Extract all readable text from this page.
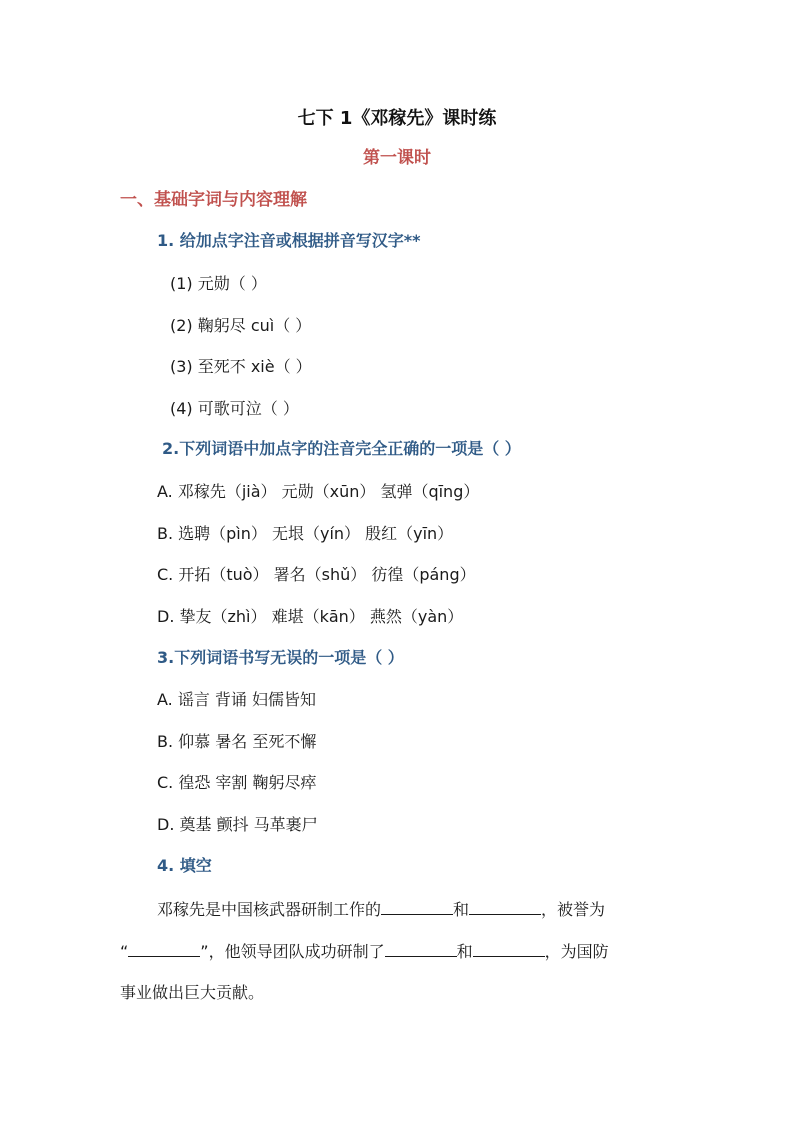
七下 1《邓稼先》课时练
第一课时
一、基础字词与内容理解
1. 给加点字注音或根据拼音写汉字**
(1) 元勋（ ）
(2) 鞠躬尽 cuì（ ）
(3) 至死不 xiè（ ）
(4) 可歌可泣（ ）
2.下列词语中加点字的注音完全正确的一项是（ ）
A. 邓稼先（jià） 元勋（xūn） 氢弹（qīng）
B. 选聘（pìn） 无垠（yín） 殷红（yīn）
C. 开拓（tuò） 署名（shǔ） 彷徨（páng）
D. 挚友（zhì） 难堪（kān） 燕然（yàn）
3.下列词语书写无误的一项是（ ）
A. 谣言 背诵 妇儒皆知
B. 仰慕 暑名 至死不懈
C. 徨恐 宰割 鞠躬尽瘁
D. 奠基 颤抖 马革裹尸
4. 填空
邓稼先是中国核武器研制工作的	和	，被誉为
“	”，他领导团队成功研制了	和	，为国防
事业做出巨大贡献。
